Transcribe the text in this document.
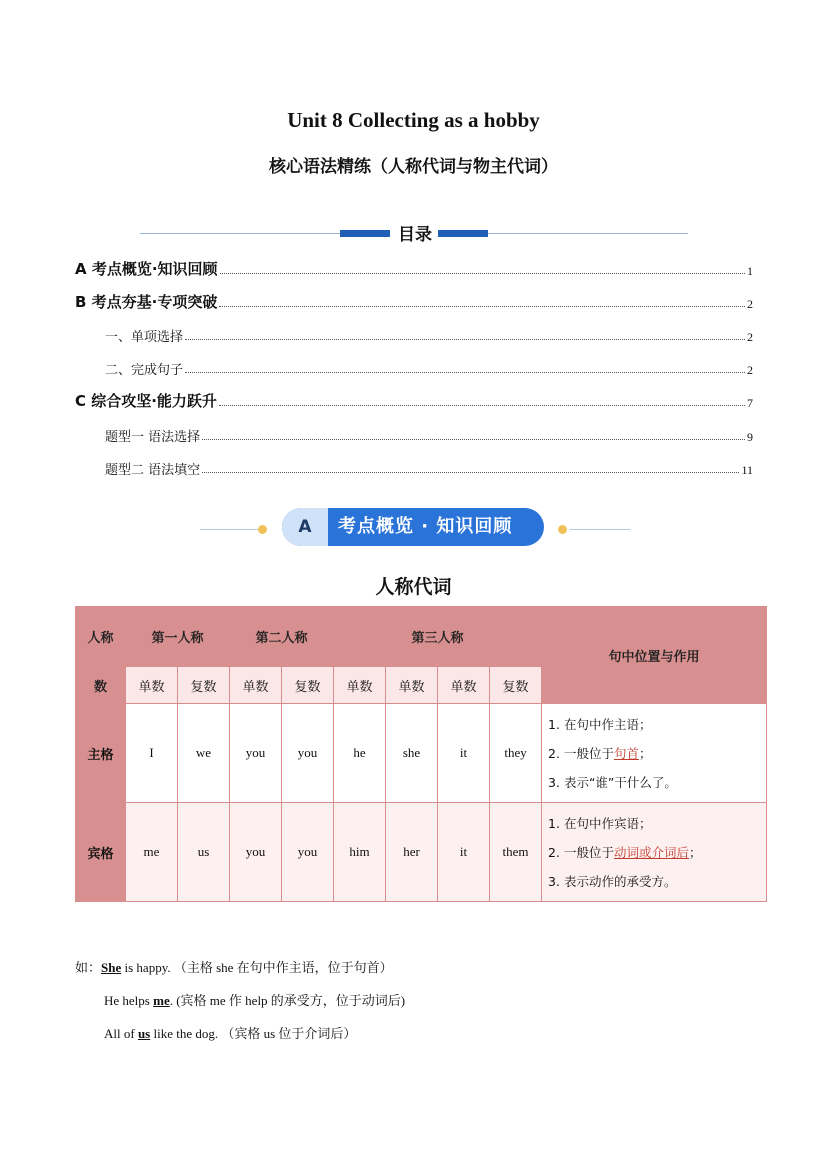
Unit 8 Collecting as a hobby
核心语法精练（人称代词与物主代词）
目录
A 考点概览·知识回顾	1
B 考点夯基·专项突破	2
一、单项选择	2
二、完成句子	2
C 综合攻坚·能力跃升	7
题型一 语法选择	9
题型二 语法填空	11
A	考点概览 · 知识回顾
人称代词
人称	第一人称		第二人称		第三人称				句中位置与作用
数	单数	复数	单数	复数	单数	单数	单数	复数	
主格	I	we	you	you	he	she	it	they	1. 在句中作主语；
2. 一般位于句首；
3. 表示“谁”干什么了。

宾格	me	us	you	you	him	her	it	them	1. 在句中作宾语；
2. 一般位于动词或介词后；
3. 表示动作的承受方。
如：She is happy. （主格 she 在句中作主语，位于句首）
He helps me. (宾格 me 作 help 的承受方，位于动词后)
All of us like the dog. （宾格 us 位于介词后）
